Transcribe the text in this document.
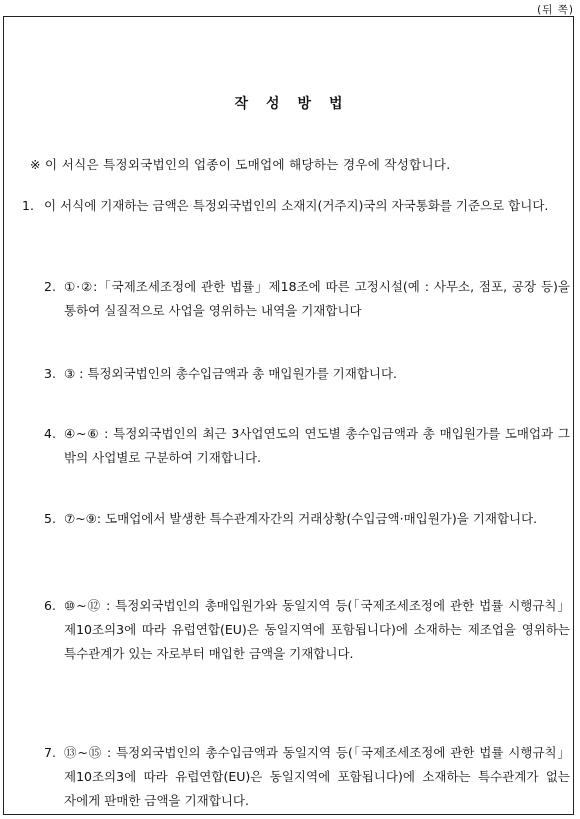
(뒤 쪽)
작성방법
※ 이 서식은 특정외국법인의 업종이 도매업에 해당하는 경우에 작성합니다.
1. 이 서식에 기재하는 금액은 특정외국법인의 소재지(거주지)국의 자국통화를 기준으로 합니다.
2. ①·②:「국제조세조정에 관한 법률」제18조에 따른 고정시설(예 : 사무소, 점포, 공장 등)을 통하여 실질적으로 사업을 영위하는 내역을 기재합니다
3. ③ : 특정외국법인의 총수입금액과 총 매입원가를 기재합니다.
4. ④~⑥ : 특정외국법인의 최근 3사업연도의 연도별 총수입금액과 총 매입원가를 도매업과 그 밖의 사업별로 구분하여 기재합니다.
5. ⑦~⑨: 도매업에서 발생한 특수관계자간의 거래상황(수입금액·매입원가)을 기재합니다.
6. ⑩~⑫ : 특정외국법인의 총매입원가와 동일지역 등(「국제조세조정에 관한 법률 시행규칙」제10조의3에 따라 유럽연합(EU)은 동일지역에 포함됩니다)에 소재하는 제조업을 영위하는 특수관계가 있는 자로부터 매입한 금액을 기재합니다.
7. ⑬~⑮ : 특정외국법인의 총수입금액과 동일지역 등(「국제조세조정에 관한 법률 시행규칙」제10조의3에 따라 유럽연합(EU)은 동일지역에 포함됩니다)에 소재하는 특수관계가 없는 자에게 판매한 금액을 기재합니다.
